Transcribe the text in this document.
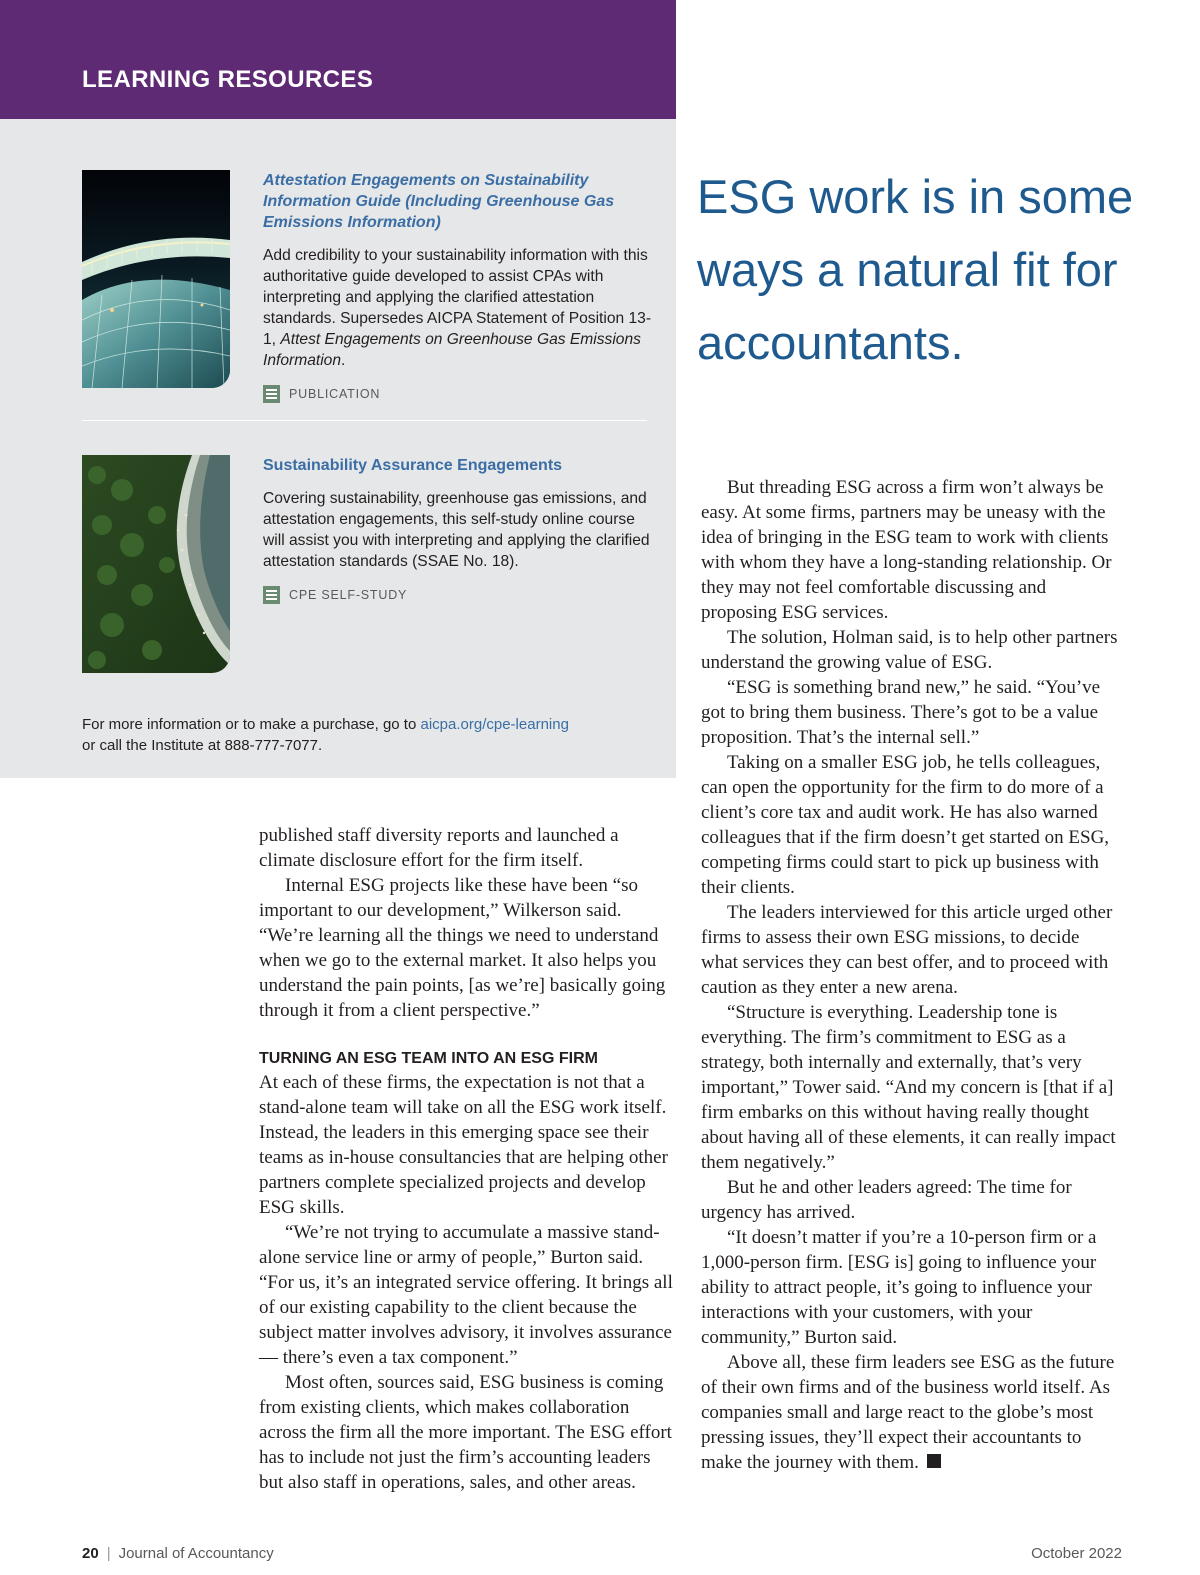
LEARNING RESOURCES
Attestation Engagements on Sustainability Information Guide (Including Greenhouse Gas Emissions Information)
Add credibility to your sustainability information with this authoritative guide developed to assist CPAs with interpreting and applying the clarified attestation standards. Supersedes AICPA Statement of Position 13-1, Attest Engagements on Greenhouse Gas Emissions Information.
PUBLICATION
Sustainability Assurance Engagements
Covering sustainability, greenhouse gas emissions, and attestation engagements, this self-study online course will assist you with interpreting and applying the clarified attestation standards (SSAE No. 18).
CPE SELF-STUDY
For more information or to make a purchase, go to aicpa.org/cpe-learning
or call the Institute at 888-777-7077.
ESG work is in some ways a natural fit for accountants.

published staff diversity reports and launched a climate disclosure effort for the firm itself.

Internal ESG projects like these have been “so important to our development,” Wilkerson said. “We’re learning all the things we need to understand when we go to the external market. It also helps you understand the pain points, [as we’re] basically going through it from a client perspective.”

TURNING AN ESG TEAM INTO AN ESG FIRM

At each of these firms, the expectation is not that a stand-alone team will take on all the ESG work itself. Instead, the leaders in this emerging space see their teams as in-house consultancies that are helping other partners complete specialized projects and develop ESG skills.

“We’re not trying to accumulate a massive stand-alone service line or army of people,” Burton said. “For us, it’s an integrated service offering. It brings all of our existing capability to the client because the subject matter involves advisory, it involves assurance — there’s even a tax component.”

Most often, sources said, ESG business is coming from existing clients, which makes collaboration across the firm all the more important. The ESG effort has to include not just the firm’s accounting leaders but also staff in operations, sales, and other areas.

But threading ESG across a firm won’t always be easy. At some firms, partners may be uneasy with the idea of bringing in the ESG team to work with clients with whom they have a long-standing relationship. Or they may not feel comfortable discussing and proposing ESG services.

The solution, Holman said, is to help other partners understand the growing value of ESG.

“ESG is something brand new,” he said. “You’ve got to bring them business. There’s got to be a value proposition. That’s the internal sell.”

Taking on a smaller ESG job, he tells colleagues, can open the opportunity for the firm to do more of a client’s core tax and audit work. He has also warned colleagues that if the firm doesn’t get started on ESG, competing firms could start to pick up business with their clients.

The leaders interviewed for this article urged other firms to assess their own ESG missions, to decide what services they can best offer, and to proceed with caution as they enter a new arena.

“Structure is everything. Leadership tone is everything. The firm’s commitment to ESG as a strategy, both internally and externally, that’s very important,” Tower said. “And my concern is [that if a] firm embarks on this without having really thought about having all of these elements, it can really impact them negatively.”

But he and other leaders agreed: The time for urgency has arrived.

“It doesn’t matter if you’re a 10-person firm or a 1,000-person firm. [ESG is] going to influence your ability to attract people, it’s going to influence your interactions with your customers, with your community,” Burton said.

Above all, these firm leaders see ESG as the future of their own firms and of the business world itself. As companies small and large react to the globe’s most pressing issues, they’ll expect their accountants to make the journey with them.

20 | Journal of Accountancy	October 2022
